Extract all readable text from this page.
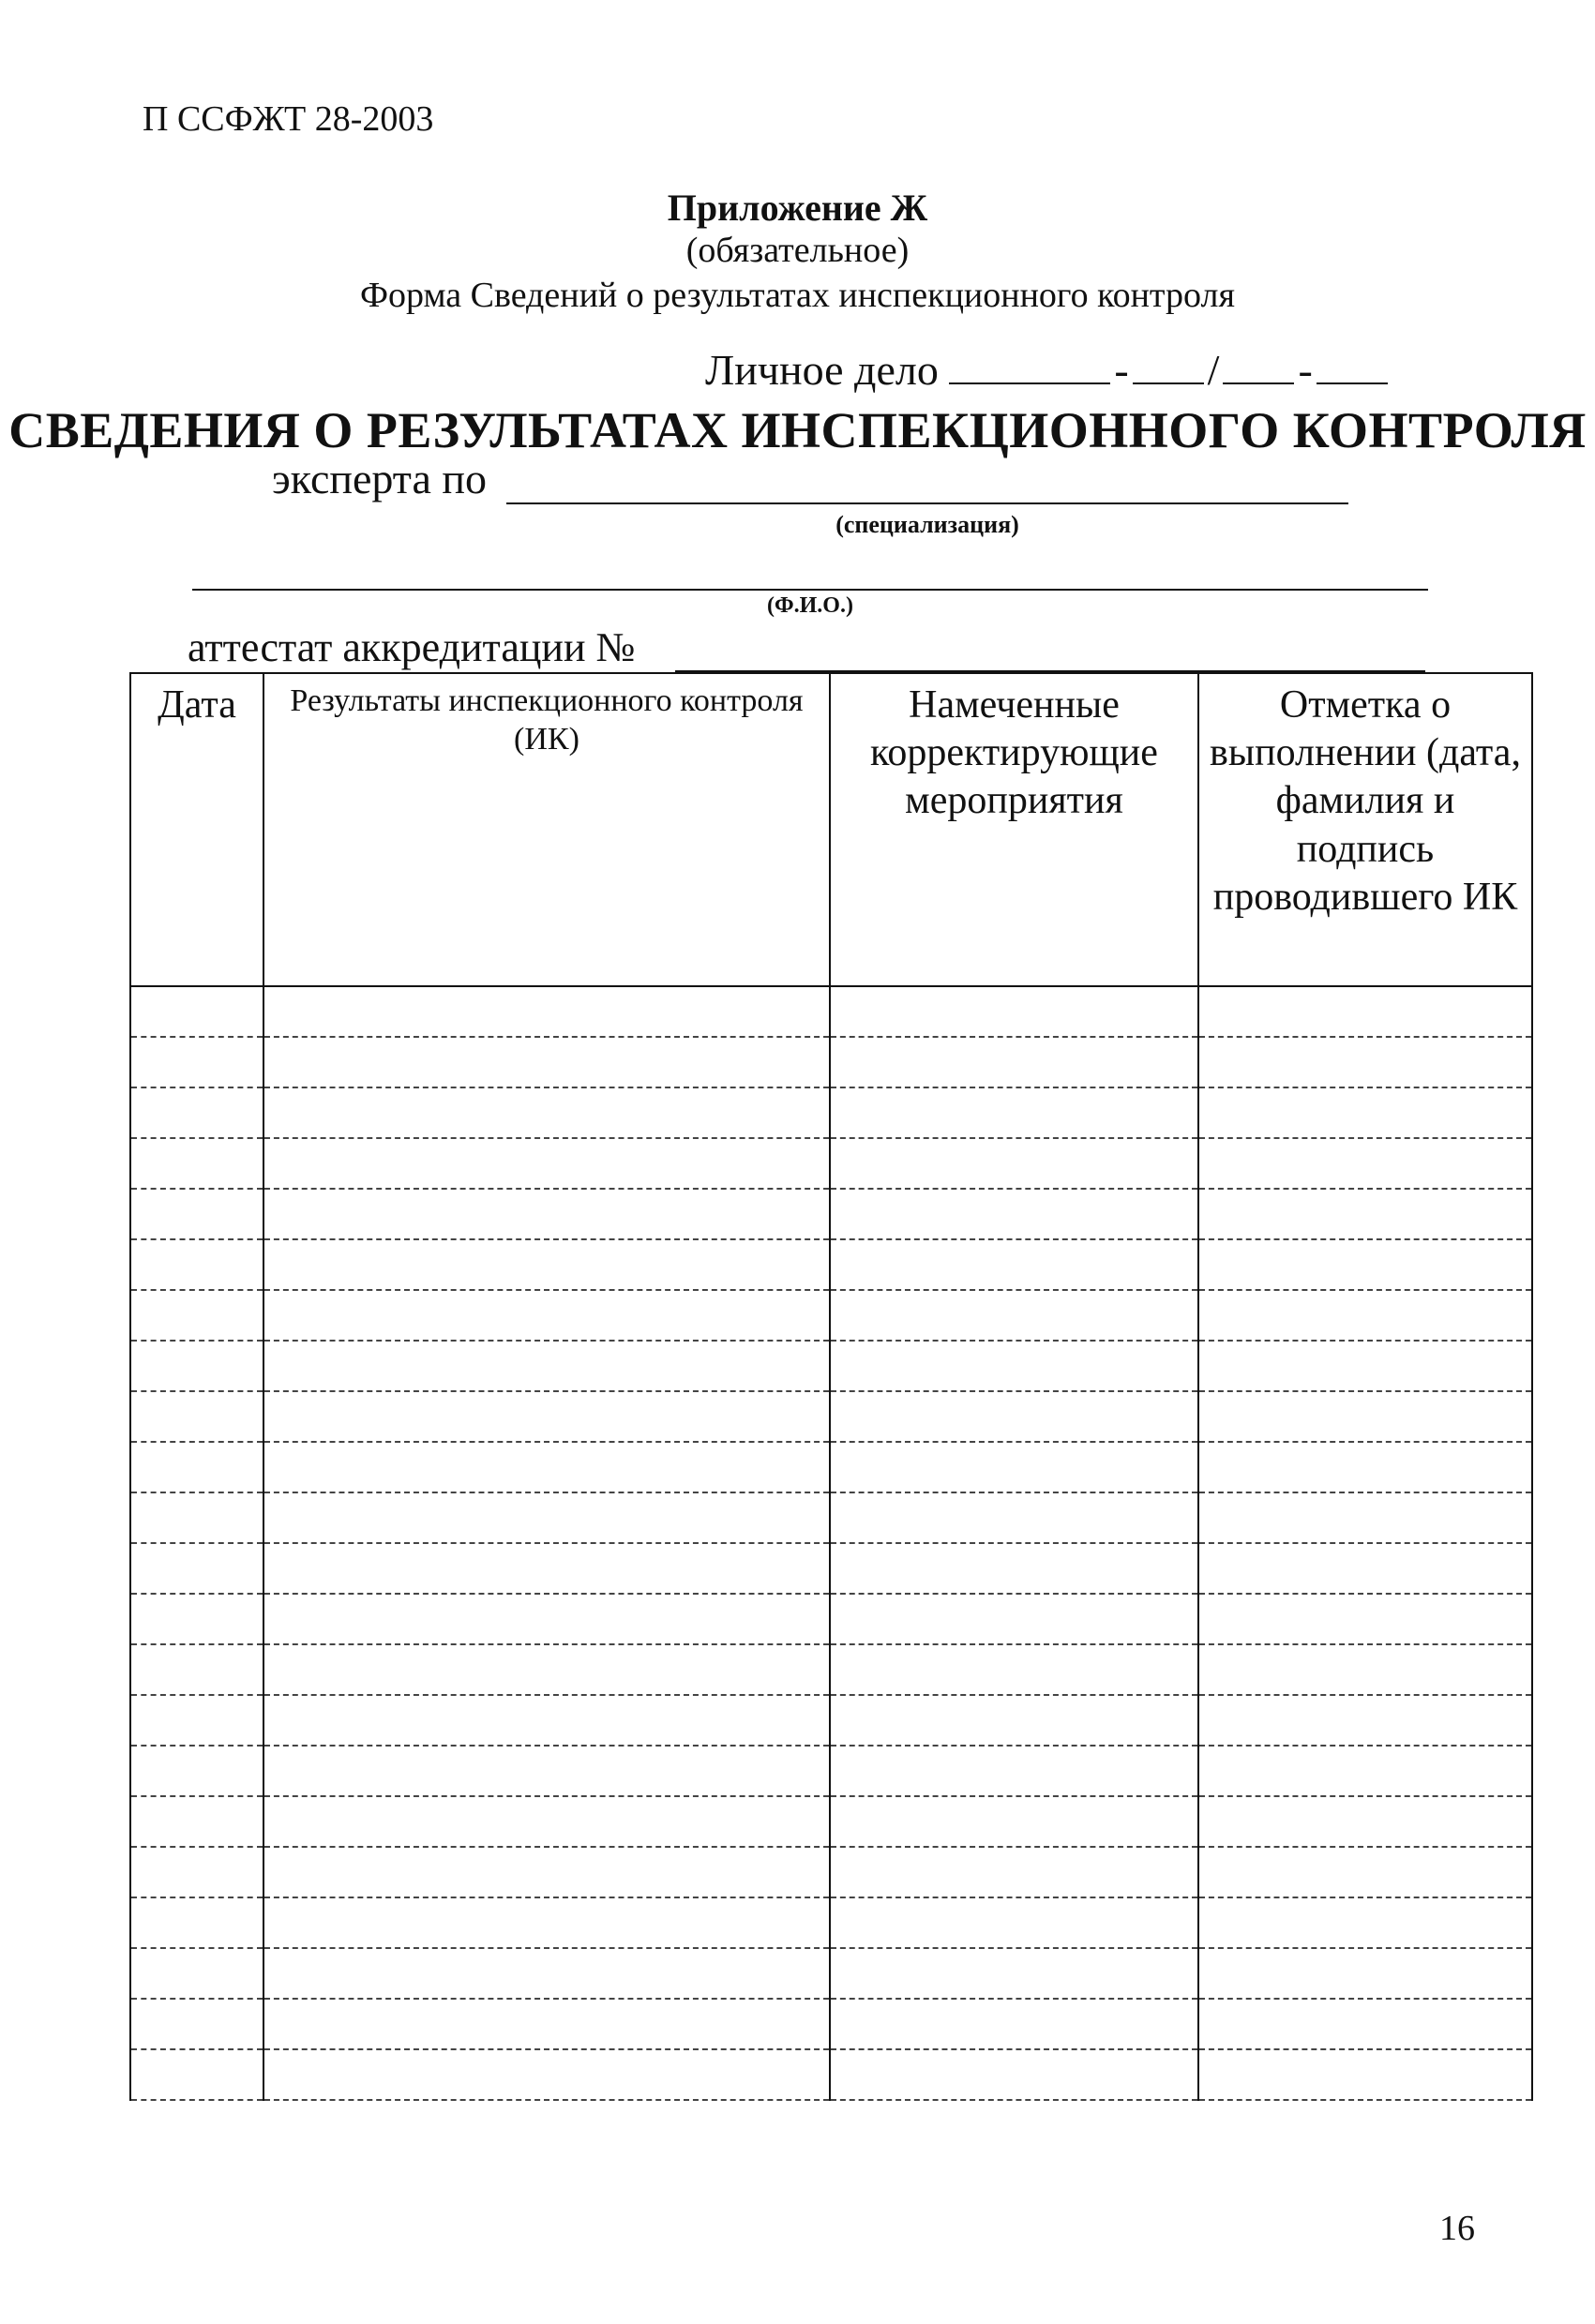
П ССФЖТ 28-2003
Приложение Ж
(обязательное)
Форма Сведений о результатах инспекционного контроля
Личное дело	- / -
СВЕДЕНИЯ О РЕЗУЛЬТАТАХ ИНСПЕКЦИОННОГО КОНТРОЛЯ
эксперта по
(специализация)
(Ф.И.О.)
аттестат аккредитации №
Дата	Результаты инспекционного контроля (ИК)	Намеченные корректирующие мероприятия	Отметка о выполнении (дата, фамилия и подпись проводившего ИК

16
